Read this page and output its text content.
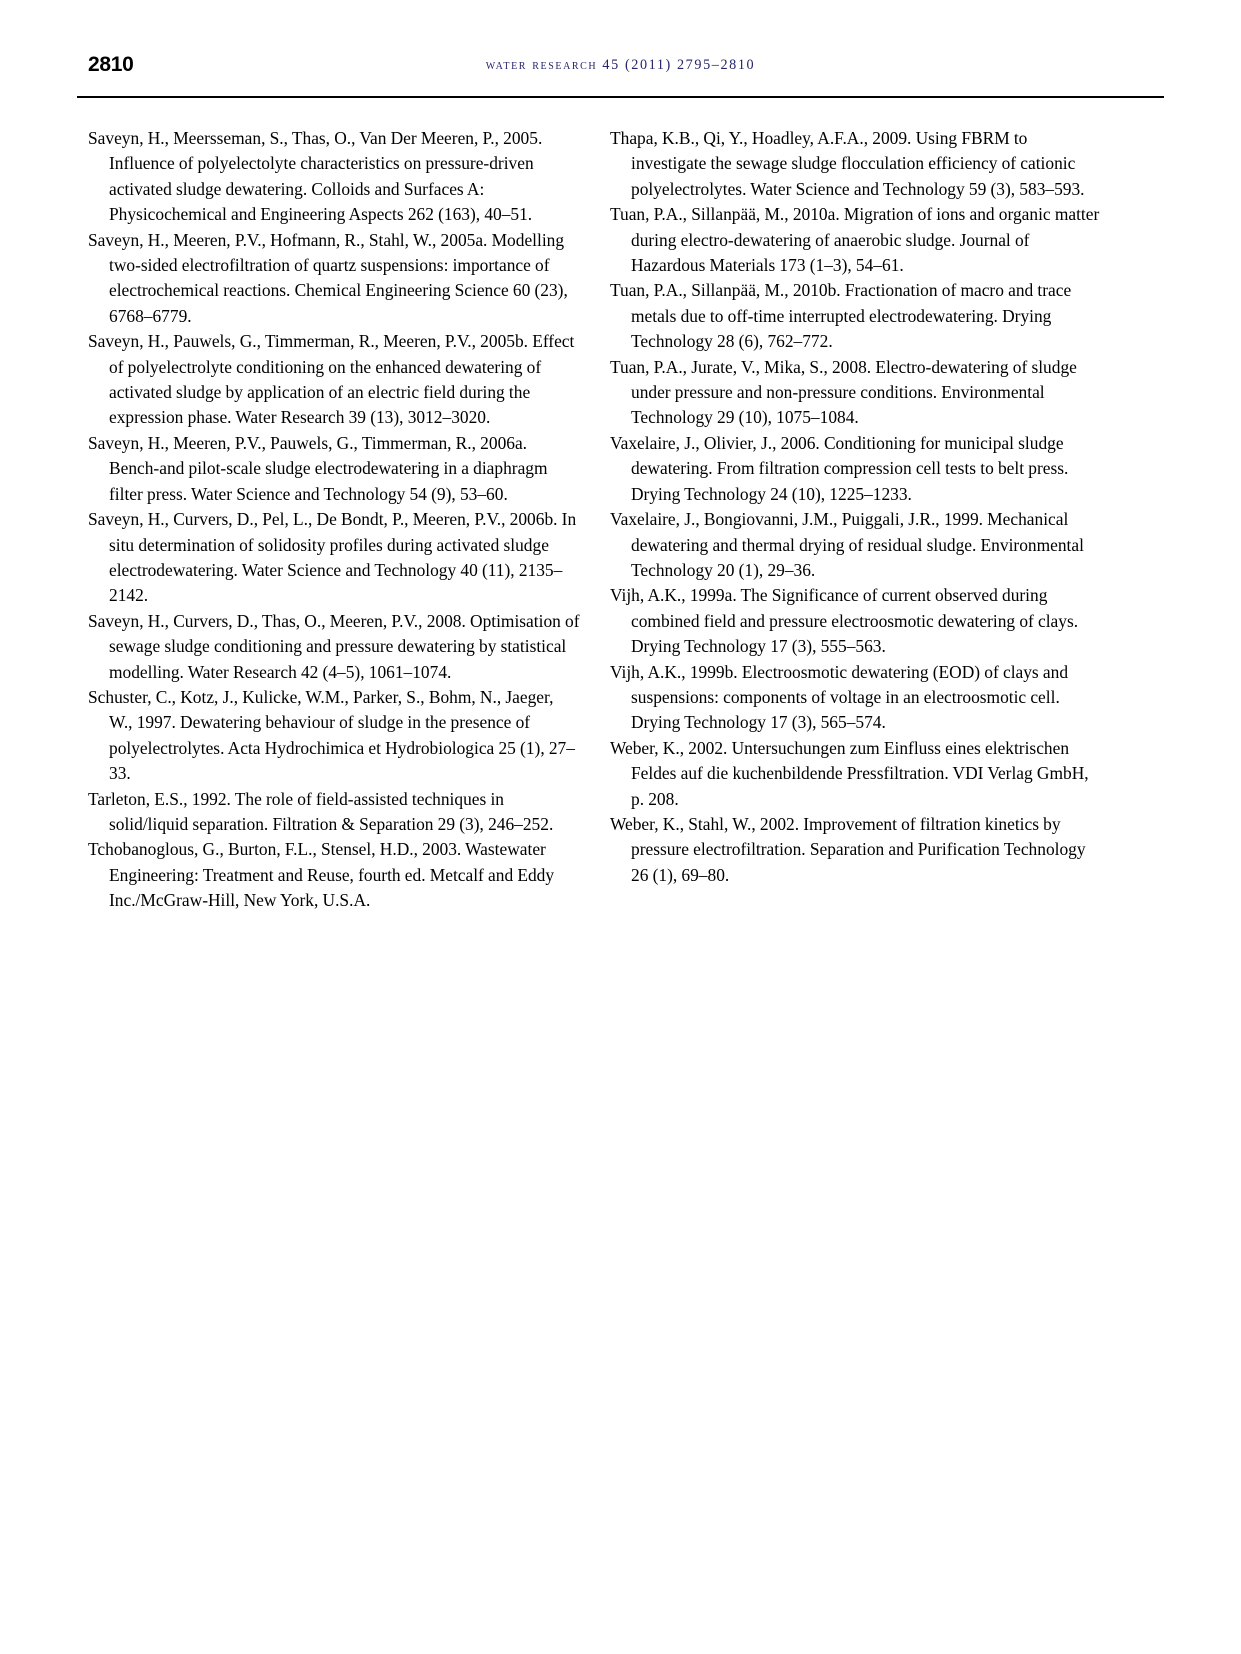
2810	water research 45 (2011) 2795–2810

Saveyn, H., Meersseman, S., Thas, O., Van Der Meeren, P., 2005. Influence of polyelectolyte characteristics on pressure-driven activated sludge dewatering. Colloids and Surfaces A: Physicochemical and Engineering Aspects 262 (163), 40–51.

Saveyn, H., Meeren, P.V., Hofmann, R., Stahl, W., 2005a. Modelling two-sided electrofiltration of quartz suspensions: importance of electrochemical reactions. Chemical Engineering Science 60 (23), 6768–6779.

Saveyn, H., Pauwels, G., Timmerman, R., Meeren, P.V., 2005b. Effect of polyelectrolyte conditioning on the enhanced dewatering of activated sludge by application of an electric field during the expression phase. Water Research 39 (13), 3012–3020.

Saveyn, H., Meeren, P.V., Pauwels, G., Timmerman, R., 2006a. Bench-and pilot-scale sludge electrodewatering in a diaphragm filter press. Water Science and Technology 54 (9), 53–60.

Saveyn, H., Curvers, D., Pel, L., De Bondt, P., Meeren, P.V., 2006b. In situ determination of solidosity profiles during activated sludge electrodewatering. Water Science and Technology 40 (11), 2135–2142.

Saveyn, H., Curvers, D., Thas, O., Meeren, P.V., 2008. Optimisation of sewage sludge conditioning and pressure dewatering by statistical modelling. Water Research 42 (4–5), 1061–1074.

Schuster, C., Kotz, J., Kulicke, W.M., Parker, S., Bohm, N., Jaeger, W., 1997. Dewatering behaviour of sludge in the presence of polyelectrolytes. Acta Hydrochimica et Hydrobiologica 25 (1), 27–33.

Tarleton, E.S., 1992. The role of field-assisted techniques in solid/liquid separation. Filtration & Separation 29 (3), 246–252.

Tchobanoglous, G., Burton, F.L., Stensel, H.D., 2003. Wastewater Engineering: Treatment and Reuse, fourth ed. Metcalf and Eddy Inc./McGraw-Hill, New York, U.S.A.

Thapa, K.B., Qi, Y., Hoadley, A.F.A., 2009. Using FBRM to investigate the sewage sludge flocculation efficiency of cationic polyelectrolytes. Water Science and Technology 59 (3), 583–593.

Tuan, P.A., Sillanpää, M., 2010a. Migration of ions and organic matter during electro-dewatering of anaerobic sludge. Journal of Hazardous Materials 173 (1–3), 54–61.

Tuan, P.A., Sillanpää, M., 2010b. Fractionation of macro and trace metals due to off-time interrupted electrodewatering. Drying Technology 28 (6), 762–772.

Tuan, P.A., Jurate, V., Mika, S., 2008. Electro-dewatering of sludge under pressure and non-pressure conditions. Environmental Technology 29 (10), 1075–1084.

Vaxelaire, J., Olivier, J., 2006. Conditioning for municipal sludge dewatering. From filtration compression cell tests to belt press. Drying Technology 24 (10), 1225–1233.

Vaxelaire, J., Bongiovanni, J.M., Puiggali, J.R., 1999. Mechanical dewatering and thermal drying of residual sludge. Environmental Technology 20 (1), 29–36.

Vijh, A.K., 1999a. The Significance of current observed during combined field and pressure electroosmotic dewatering of clays. Drying Technology 17 (3), 555–563.

Vijh, A.K., 1999b. Electroosmotic dewatering (EOD) of clays and suspensions: components of voltage in an electroosmotic cell. Drying Technology 17 (3), 565–574.

Weber, K., 2002. Untersuchungen zum Einfluss eines elektrischen Feldes auf die kuchenbildende Pressfiltration. VDI Verlag GmbH, p. 208.

Weber, K., Stahl, W., 2002. Improvement of filtration kinetics by pressure electrofiltration. Separation and Purification Technology 26 (1), 69–80.
